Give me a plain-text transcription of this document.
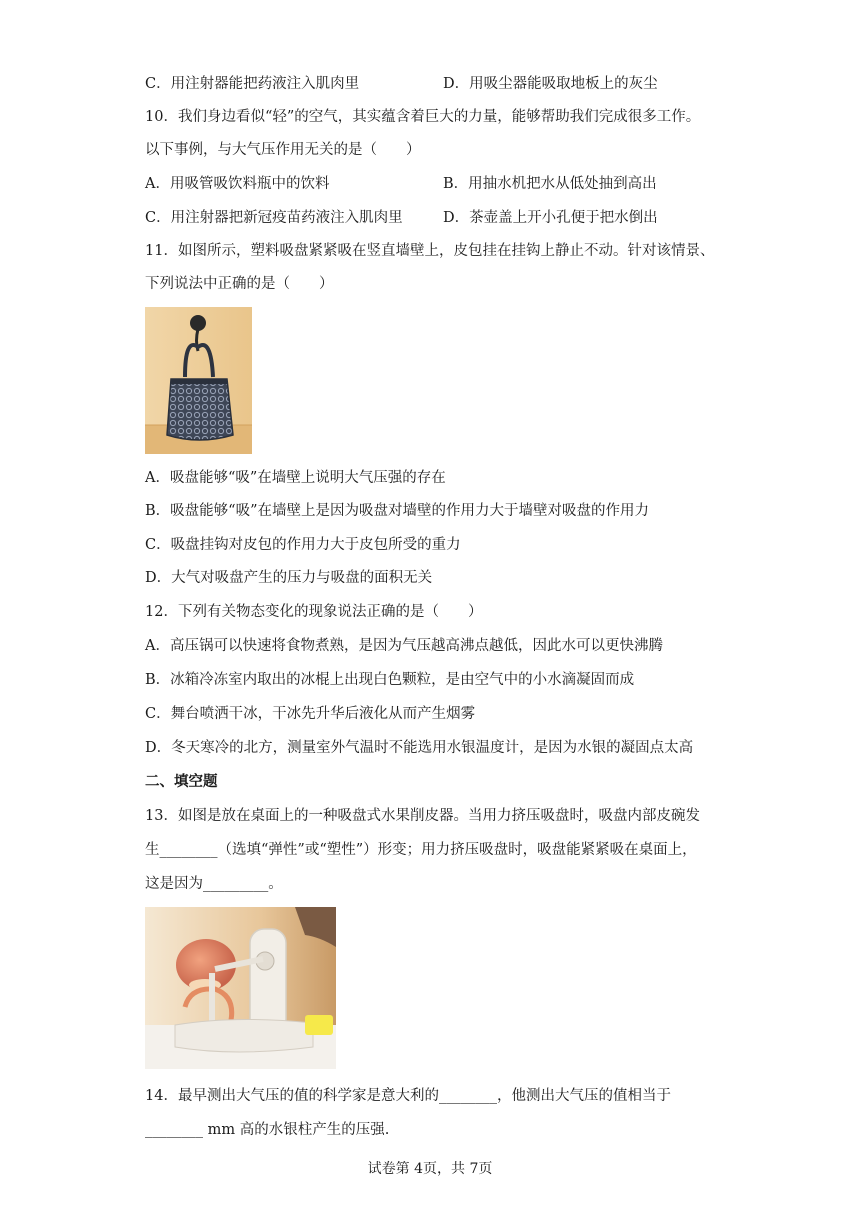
C．用注射器能把药液注入肌肉里	D．用吸尘器能吸取地板上的灰尘
10．我们身边看似“轻”的空气，其实蕴含着巨大的力量，能够帮助我们完成很多工作。
以下事例，与大气压作用无关的是（　　）
A．用吸管吸饮料瓶中的饮料	B．用抽水机把水从低处抽到高出
C．用注射器把新冠疫苗药液注入肌肉里	D．茶壶盖上开小孔便于把水倒出
11．如图所示，塑料吸盘紧紧吸在竖直墙壁上，皮包挂在挂钩上静止不动。针对该情景、
下列说法中正确的是（　　）
A．吸盘能够“吸”在墙壁上说明大气压强的存在
B．吸盘能够“吸”在墙壁上是因为吸盘对墙壁的作用力大于墙壁对吸盘的作用力
C．吸盘挂钩对皮包的作用力大于皮包所受的重力
D．大气对吸盘产生的压力与吸盘的面积无关
12．下列有关物态变化的现象说法正确的是（　　）
A．高压锅可以快速将食物煮熟，是因为气压越高沸点越低，因此水可以更快沸腾
B．冰箱冷冻室内取出的冰棍上出现白色颗粒，是由空气中的小水滴凝固而成
C．舞台喷洒干冰，干冰先升华后液化从而产生烟雾
D．冬天寒冷的北方，测量室外气温时不能选用水银温度计，是因为水银的凝固点太高
二、填空题
13．如图是放在桌面上的一种吸盘式水果削皮器。当用力挤压吸盘时，吸盘内部皮碗发
生________（选填“弹性”或“塑性”）形变；用力挤压吸盘时，吸盘能紧紧吸在桌面上，
这是因为_________。
14．最早测出大气压的值的科学家是意大利的________，他测出大气压的值相当于
________ mm 高的水银柱产生的压强.
试卷第 4页，共 7页
